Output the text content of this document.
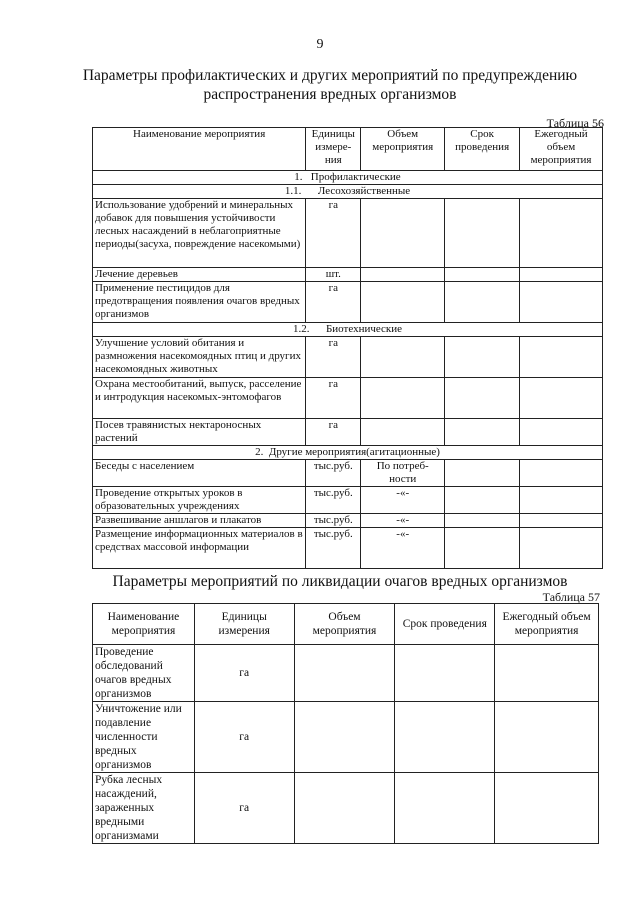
9
Параметры профилактических и других мероприятий по предупреждению
распространения вредных организмов
Таблица 56
Наименование мероприятия	Единицы измере-ния	Объем мероприятия	Срок проведения	Ежегодный объем мероприятия
1.   Профилактические				
1.1.      Лесохозяйственные				
Использование удобрений и минеральных добавок для повышения устойчивости лесных насаждений в неблагоприятные периоды(засуха, повреждение насекомыми)	га			
Лечение деревьев	шт.			
Применение пестицидов для предотвращения появления очагов вредных организмов	га			
1.2.      Биотехнические				
Улучшение условий обитания и размножения насекомоядных птиц и других насекомоядных животных	га			
Охрана местообитаний, выпуск, расселение и интродукция насекомых-энтомофагов	га			
Посев травянистых нектароносных растений	га			
2.  Другие мероприятия(агитационные)				
Беседы с населением	тыс.руб.	По потреб-ности		
Проведение открытых уроков в образовательных учреждениях	тыс.руб.	-«-		
Развешивание аншлагов и плакатов	тыс.руб.	-«-		
Размещение информационных материалов в средствах массовой информации	тыс.руб.	-«-		
Параметры мероприятий по ликвидации очагов вредных организмов
Таблица 57
Наименование мероприятия	Единицы измерения	Объем мероприятия	Срок проведения	Ежегодный объем мероприятия
Проведение обследований очагов вредных организмов	га			
Уничтожение или подавление численности вредных организмов	га			
Рубка лесных насаждений, зараженных вредными организмами	га			
